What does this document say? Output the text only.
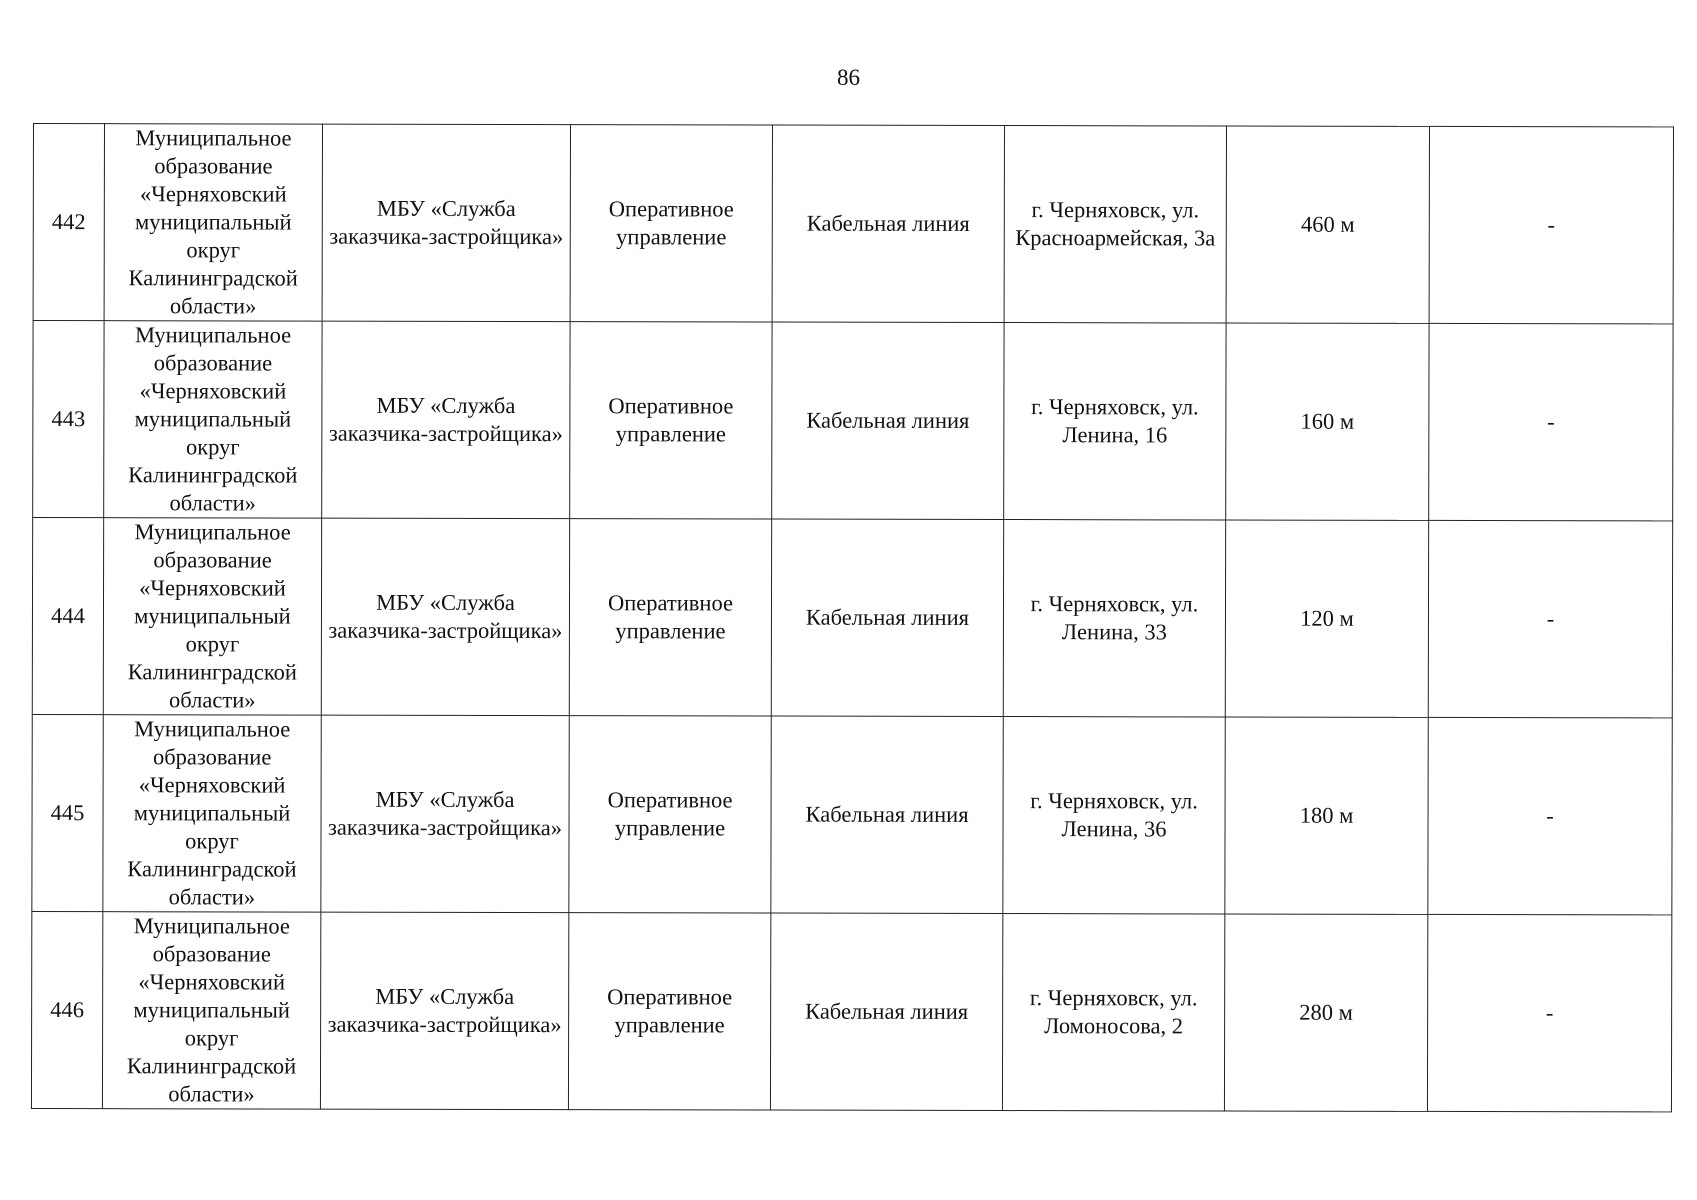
86
442	Муниципальное образование «Черняховский муниципальный округ Калининградской области»	МБУ «Служба заказчика-застройщика»	Оперативное управление	Кабельная линия	г. Черняховск, ул. Красноармейская, 3а	460 м	-

443	Муниципальное образование «Черняховский муниципальный округ Калининградской области»	МБУ «Служба заказчика-застройщика»	Оперативное управление	Кабельная линия	г. Черняховск, ул. Ленина, 16	160 м	-

444	Муниципальное образование «Черняховский муниципальный округ Калининградской области»	МБУ «Служба заказчика-застройщика»	Оперативное управление	Кабельная линия	г. Черняховск, ул. Ленина, 33	120 м	-

445	Муниципальное образование «Черняховский муниципальный округ Калининградской области»	МБУ «Служба заказчика-застройщика»	Оперативное управление	Кабельная линия	г. Черняховск, ул. Ленина, 36	180 м	-

446	Муниципальное образование «Черняховский муниципальный округ Калининградской области»	МБУ «Служба заказчика-застройщика»	Оперативное управление	Кабельная линия	г. Черняховск, ул. Ломоносова, 2	280 м	-
